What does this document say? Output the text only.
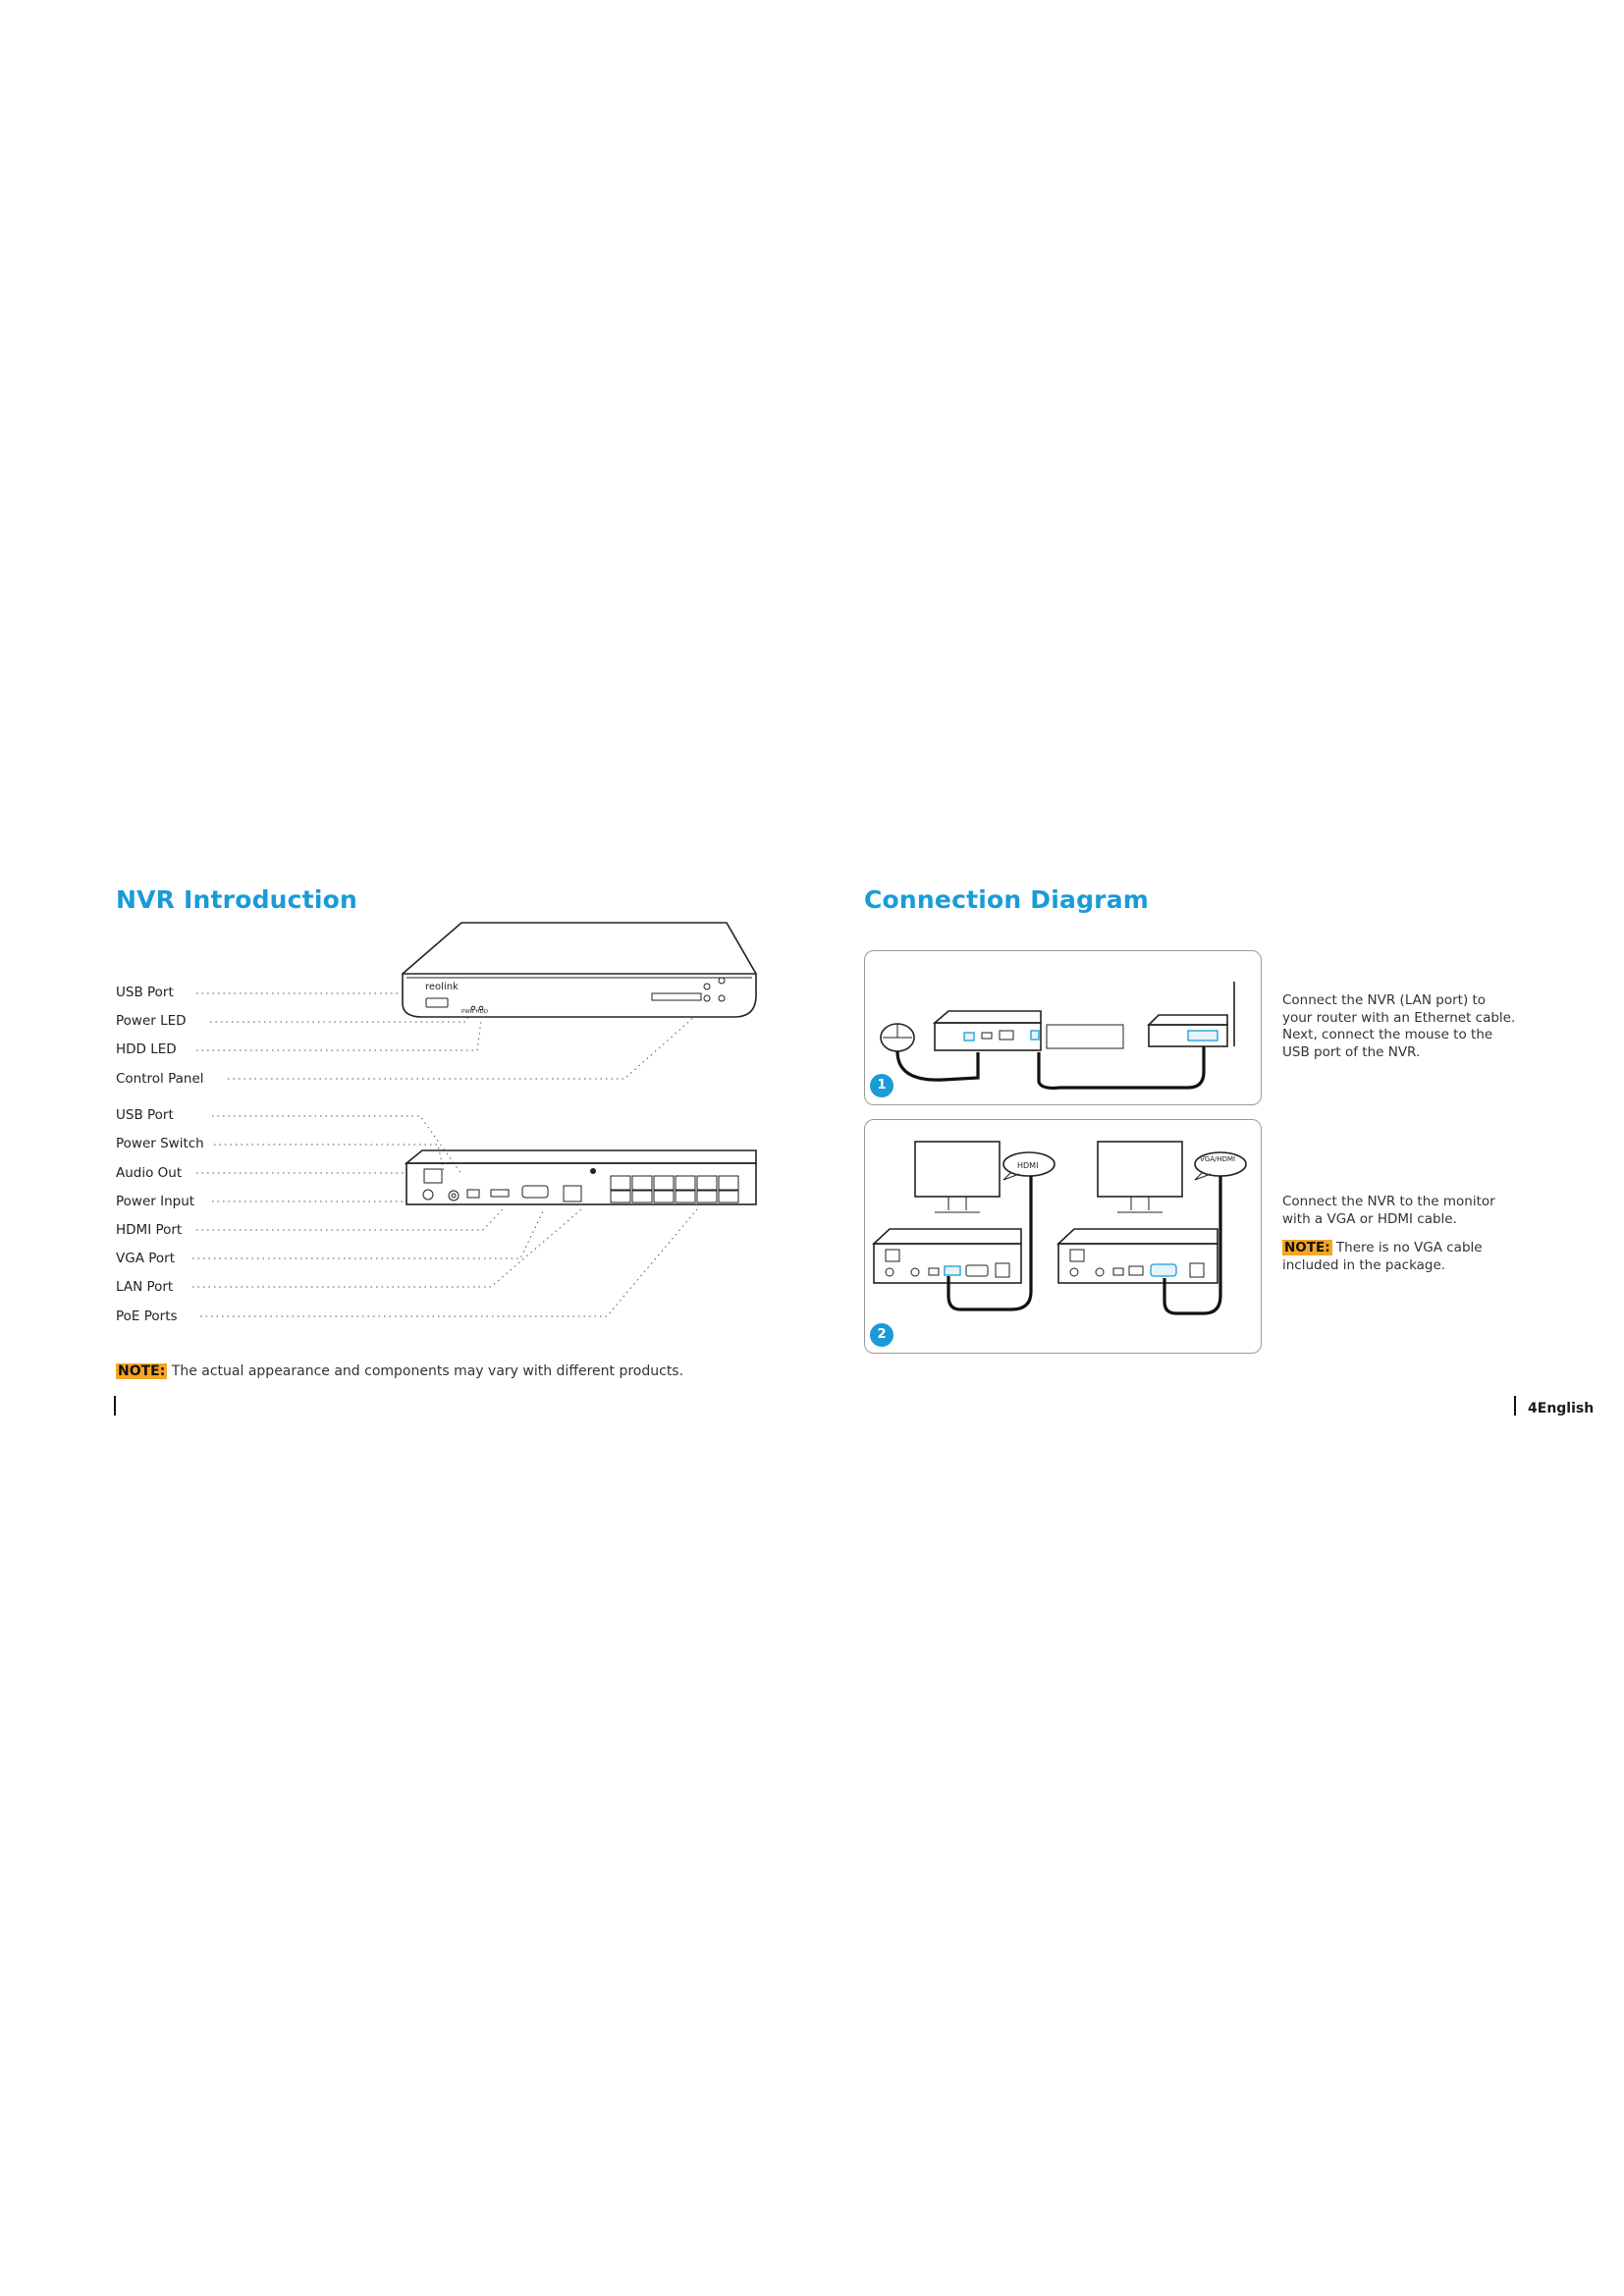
NVR Introduction
USB Port
Power LED
HDD LED
Control Panel
USB Port
Power Switch
Audio Out
Power Input
HDMI Port
VGA Port
LAN Port
PoE Ports
reolink
PWR HDD
NOTE: The actual appearance and components may vary with different products.
Connection Diagram
1
2
HDMI
VGA/HDMI

Connect the NVR (LAN port) to your router with an Ethernet cable. Next, connect the mouse to the USB port of the NVR.

Connect the NVR to the monitor with a VGA or HDMI cable.

NOTE: There is no VGA cable included in the package.

4English
